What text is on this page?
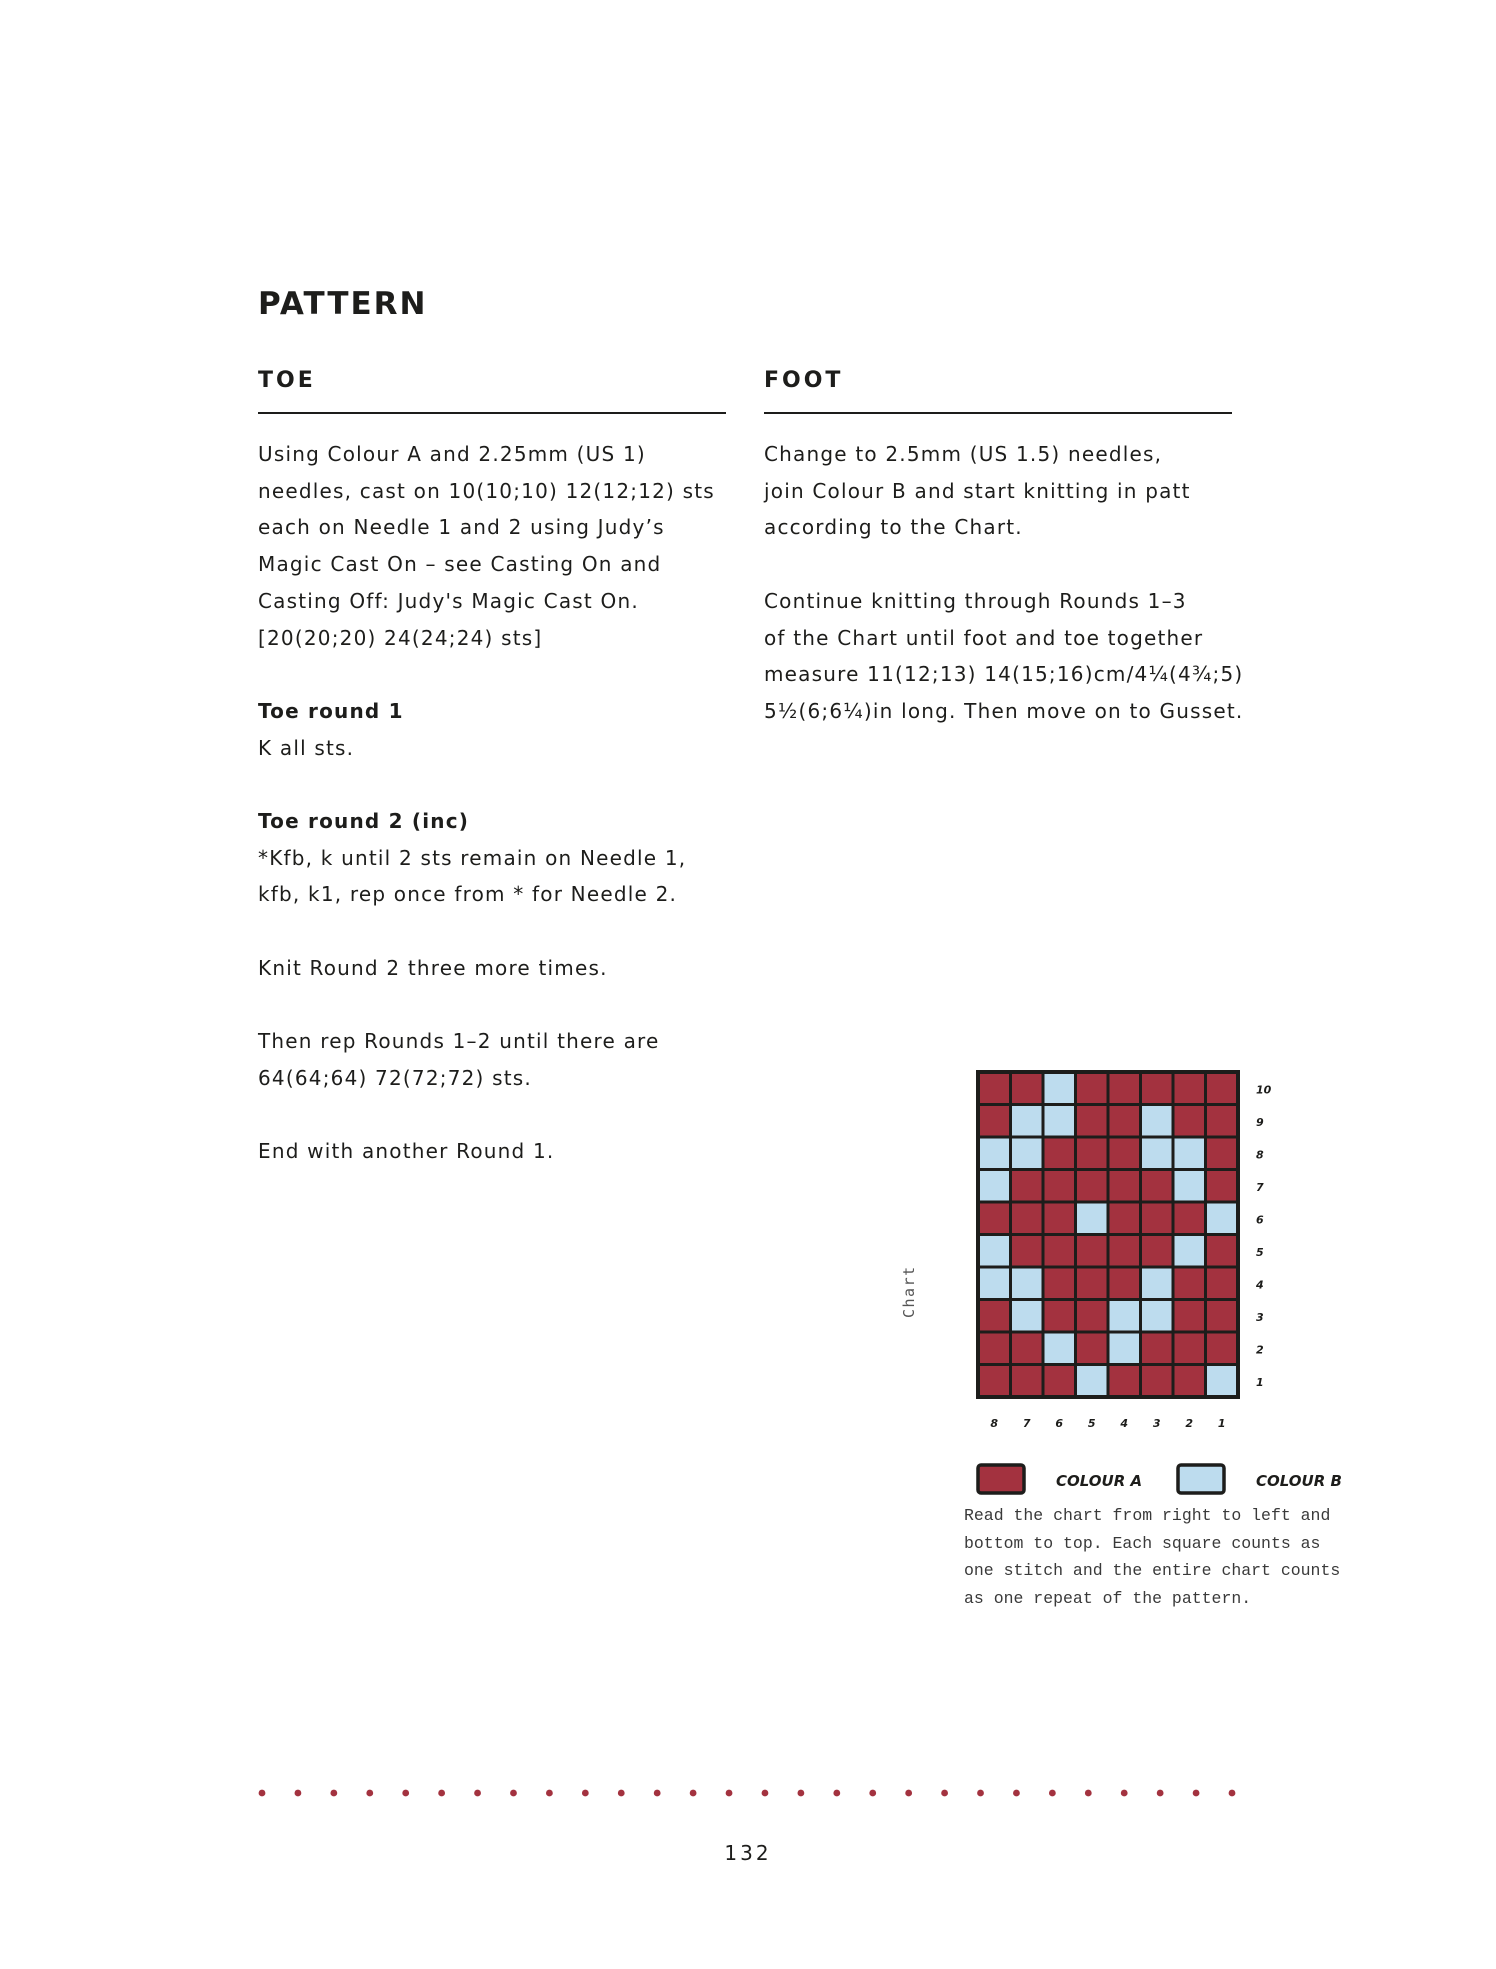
PATTERN
TOE
Using Colour A and 2.25mm (US 1)
needles, cast on 10(10;10) 12(12;12) sts
each on Needle 1 and 2 using Judy’s
Magic Cast On – see Casting On and
Casting Off: Judy's Magic Cast On.
[20(20;20) 24(24;24) sts]
Toe round 1
K all sts.
Toe round 2 (inc)
*Kfb, k until 2 sts remain on Needle 1,
kfb, k1, rep once from * for Needle 2.
Knit Round 2 three more times.
Then rep Rounds 1–2 until there are
64(64;64) 72(72;72) sts.
End with another Round 1.
FOOT
Change to 2.5mm (US 1.5) needles,
join Colour B and start knitting in patt
according to the Chart.
Continue knitting through Rounds 1–3
of the Chart until foot and toe together
measure 11(12;13) 14(15;16)cm/4¼(4¾;5)
5½(6;6¼)in long. Then move on to Gusset.
Chart
10
9
8
7
6
5
4
3
2
1
8 7 6 5 4 3 2 1
COLOUR A	COLOUR B

Read the chart from right to left and bottom to top. Each square counts as one stitch and the entire chart counts as one repeat of the pattern.

132
